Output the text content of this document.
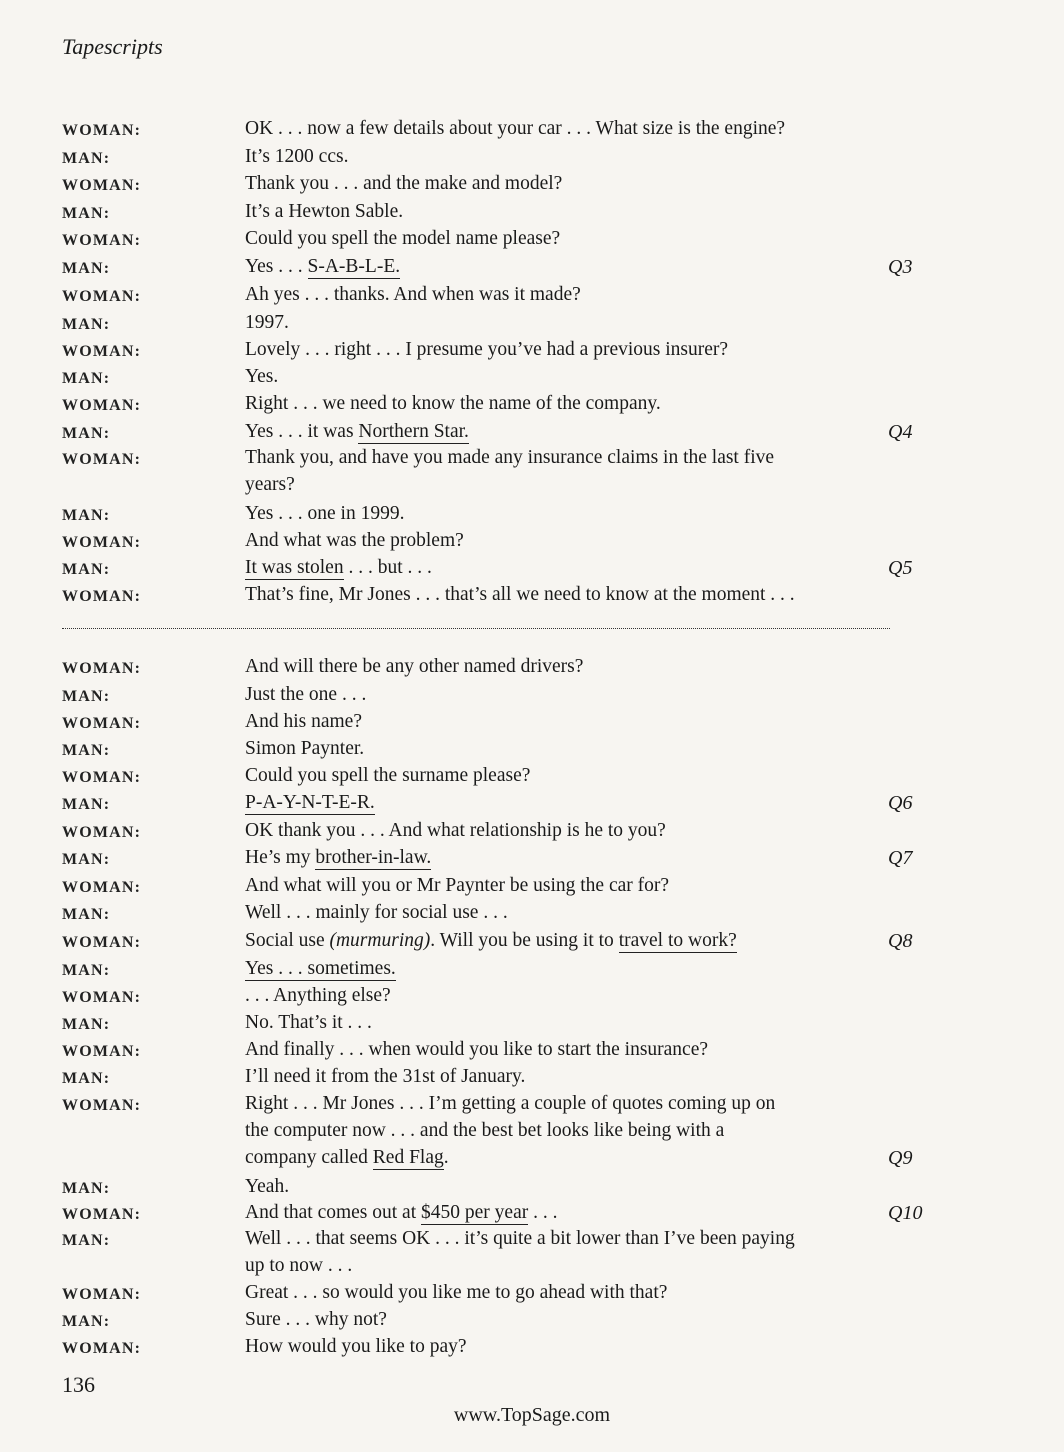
Tapescripts
WOMAN:	OK . . . now a few details about your car . . . What size is the engine?
MAN:	It’s 1200 ccs.
WOMAN:	Thank you . . . and the make and model?
MAN:	It’s a Hewton Sable.
WOMAN:	Could you spell the model name please?
MAN:	Yes . . . S-A-B-L-E.	Q3
WOMAN:	Ah yes . . . thanks. And when was it made?
MAN:	1997.
WOMAN:	Lovely . . . right . . . I presume you’ve had a previous insurer?
MAN:	Yes.
WOMAN:	Right . . . we need to know the name of the company.
MAN:	Yes . . . it was Northern Star.	Q4
WOMAN:	Thank you, and have you made any insurance claims in the last five
years?
MAN:	Yes . . . one in 1999.
WOMAN:	And what was the problem?
MAN:	It was stolen . . . but . . .	Q5
WOMAN:	That’s fine, Mr Jones . . . that’s all we need to know at the moment . . .
WOMAN:	And will there be any other named drivers?
MAN:	Just the one . . .
WOMAN:	And his name?
MAN:	Simon Paynter.
WOMAN:	Could you spell the surname please?
MAN:	P-A-Y-N-T-E-R.	Q6
WOMAN:	OK thank you . . . And what relationship is he to you?
MAN:	He’s my brother-in-law.	Q7
WOMAN:	And what will you or Mr Paynter be using the car for?
MAN:	Well . . . mainly for social use . . .
WOMAN:	Social use (murmuring). Will you be using it to travel to work?	Q8
MAN:	Yes . . . sometimes.
WOMAN:	. . . Anything else?
MAN:	No. That’s it . . .
WOMAN:	And finally . . . when would you like to start the insurance?
MAN:	I’ll need it from the 31st of January.
WOMAN:	Right . . . Mr Jones . . . I’m getting a couple of quotes coming up on
the computer now . . . and the best bet looks like being with a
company called Red Flag.	Q9
MAN:	Yeah.
WOMAN:	And that comes out at $450 per year . . .	Q10
MAN:	Well . . . that seems OK . . . it’s quite a bit lower than I’ve been paying
up to now . . .
WOMAN:	Great . . . so would you like me to go ahead with that?
MAN:	Sure . . . why not?
WOMAN:	How would you like to pay?
136
www.TopSage.com
